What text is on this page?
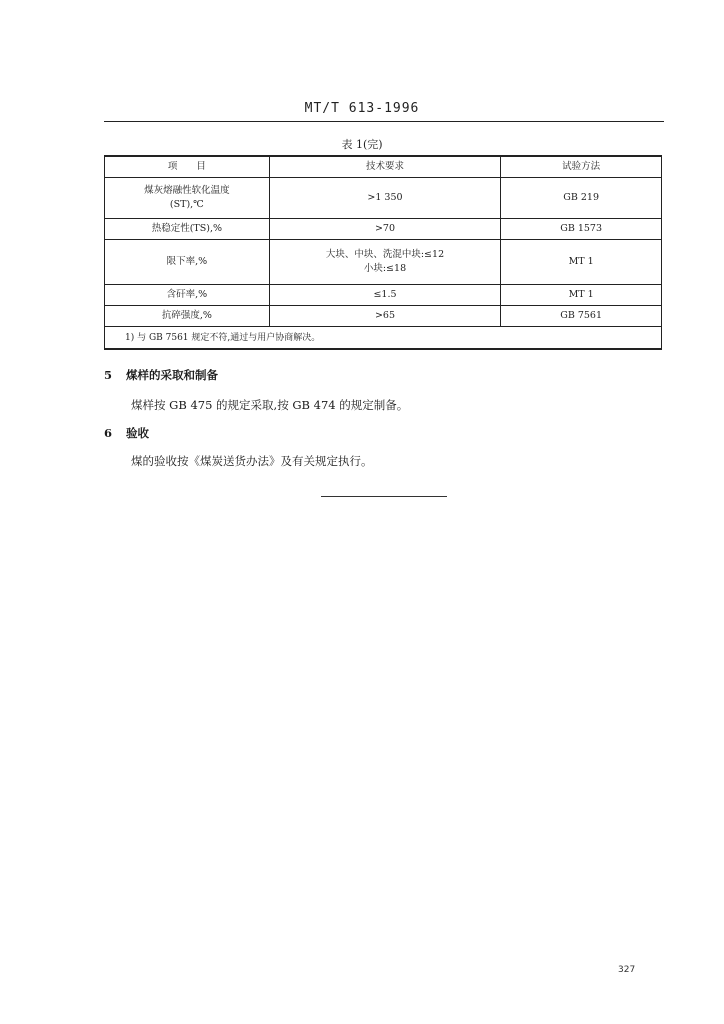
MT/T 613-1996
表 1(完)
项　　目	技术要求	试验方法

煤灰熔融性软化温度
(ST),℃	>1 350	GB 219
热稳定性(TS),%	>70	GB 1573
限下率,%	大块、中块、洗混中块:≤12
小块:≤18	MT 1
含矸率,%	≤1.5	MT 1
抗碎强度,%	>65	GB 7561
1) 与 GB 7561 规定不符,通过与用户协商解决。		
5 煤样的采取和制备
煤样按 GB 475 的规定采取,按 GB 474 的规定制备。
6 验收
煤的验收按《煤炭送货办法》及有关规定执行。
327
